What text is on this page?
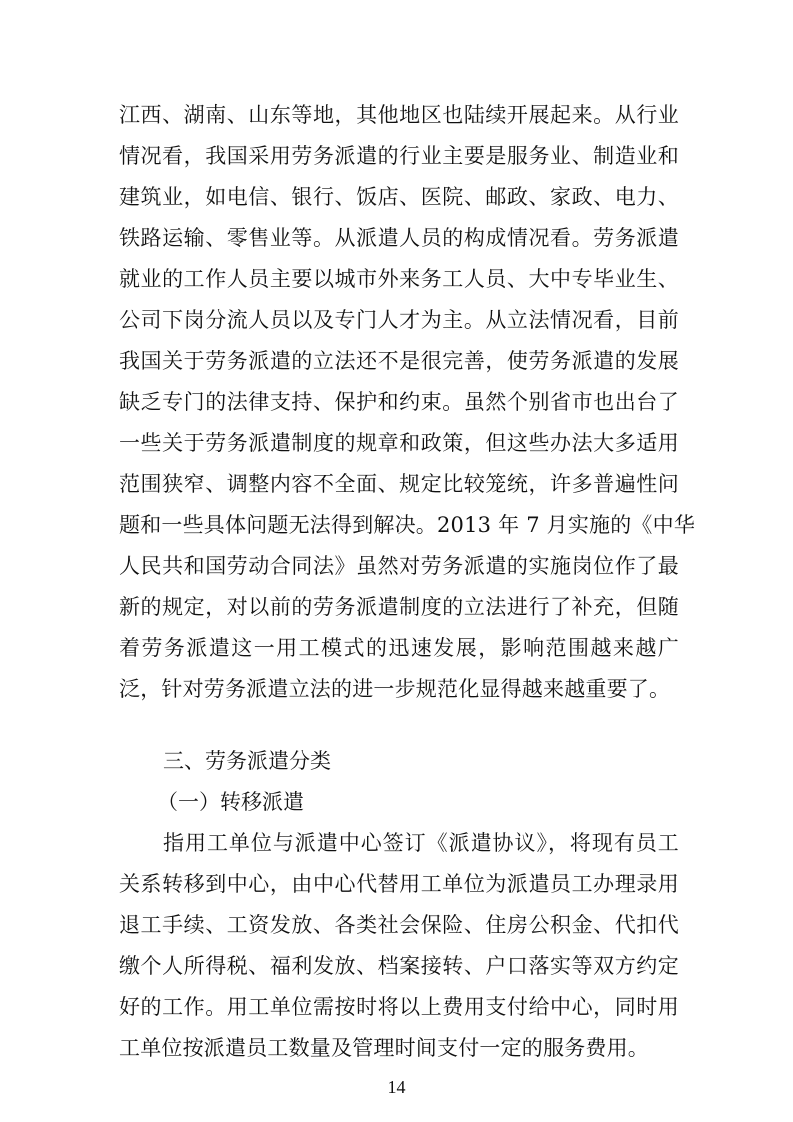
江西、湖南、山东等地，其他地区也陆续开展起来。从行业
情况看，我国采用劳务派遣的行业主要是服务业、制造业和
建筑业，如电信、银行、饭店、医院、邮政、家政、电力、
铁路运输、零售业等。从派遣人员的构成情况看。劳务派遣
就业的工作人员主要以城市外来务工人员、大中专毕业生、
公司下岗分流人员以及专门人才为主。从立法情况看，目前
我国关于劳务派遣的立法还不是很完善，使劳务派遣的发展
缺乏专门的法律支持、保护和约束。虽然个别省市也出台了
一些关于劳务派遣制度的规章和政策，但这些办法大多适用
范围狭窄、调整内容不全面、规定比较笼统，许多普遍性问
题和一些具体问题无法得到解决。2013 年 7 月实施的《中华
人民共和国劳动合同法》虽然对劳务派遣的实施岗位作了最
新的规定，对以前的劳务派遣制度的立法进行了补充，但随
着劳务派遣这一用工模式的迅速发展，影响范围越来越广
泛，针对劳务派遣立法的进一步规范化显得越来越重要了。
三、劳务派遣分类
（一）转移派遣
指用工单位与派遣中心签订《派遣协议》，将现有员工
关系转移到中心，由中心代替用工单位为派遣员工办理录用
退工手续、工资发放、各类社会保险、住房公积金、代扣代
缴个人所得税、福利发放、档案接转、户口落实等双方约定
好的工作。用工单位需按时将以上费用支付给中心，同时用
工单位按派遣员工数量及管理时间支付一定的服务费用。
14
